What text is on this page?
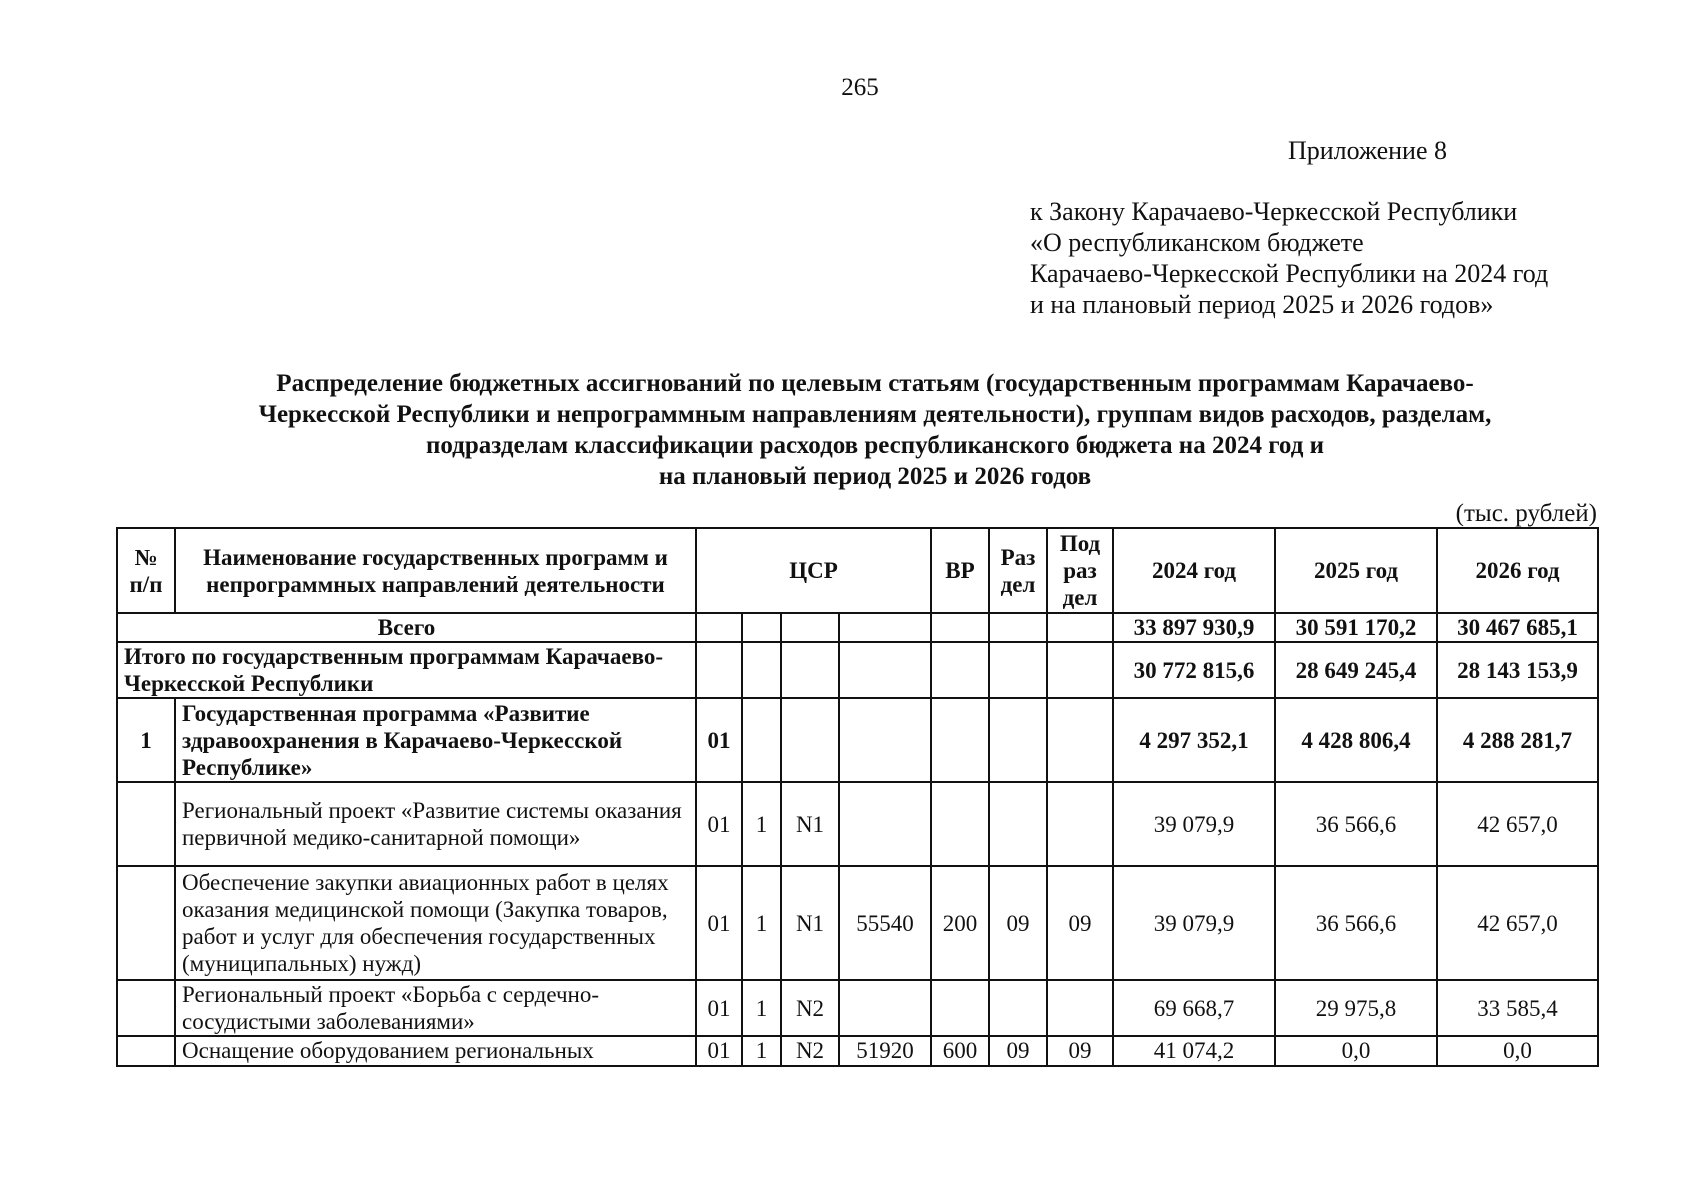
265
Приложение 8
к Закону Карачаево-Черкесской Республики
«О республиканском бюджете
Карачаево-Черкесской Республики на 2024 год
и на плановый период 2025 и 2026 годов»
Распределение бюджетных ассигнований по целевым статьям (государственным программам Карачаево-
Черкесской Республики и непрограммным направлениям деятельности), группам видов расходов, разделам,
подразделам классификации расходов республиканского бюджета на 2024 год и
на плановый период 2025 и 2026 годов
(тыс. рублей)
№ п/п	Наименование государственных программ и непрограммных направлений деятельности	ЦСР				ВР	Раз дел	Под раз дел	2024 год	2025 год	2026 год
Всего									33 897 930,9	30 591 170,2	30 467 685,1
Итого по государственным программам Карачаево-Черкесской Республики									30 772 815,6	28 649 245,4	28 143 153,9
1	Государственная программа «Развитие здравоохранения в Карачаево-Черкесской Республике»	01							4 297 352,1	4 428 806,4	4 288 281,7
	Региональный проект «Развитие системы оказания первичной медико-санитарной помощи»	01	1	N1					39 079,9	36 566,6	42 657,0
	Обеспечение закупки авиационных работ в целях оказания медицинской помощи (Закупка товаров, работ и услуг для обеспечения государственных (муниципальных) нужд)	01	1	N1	55540	200	09	09	39 079,9	36 566,6	42 657,0
	Региональный проект «Борьба с сердечно-сосудистыми заболеваниями»	01	1	N2					69 668,7	29 975,8	33 585,4

	Оснащение оборудованием региональных	01	1	N2	51920	600	09	09	41 074,2	0,0	0,0
